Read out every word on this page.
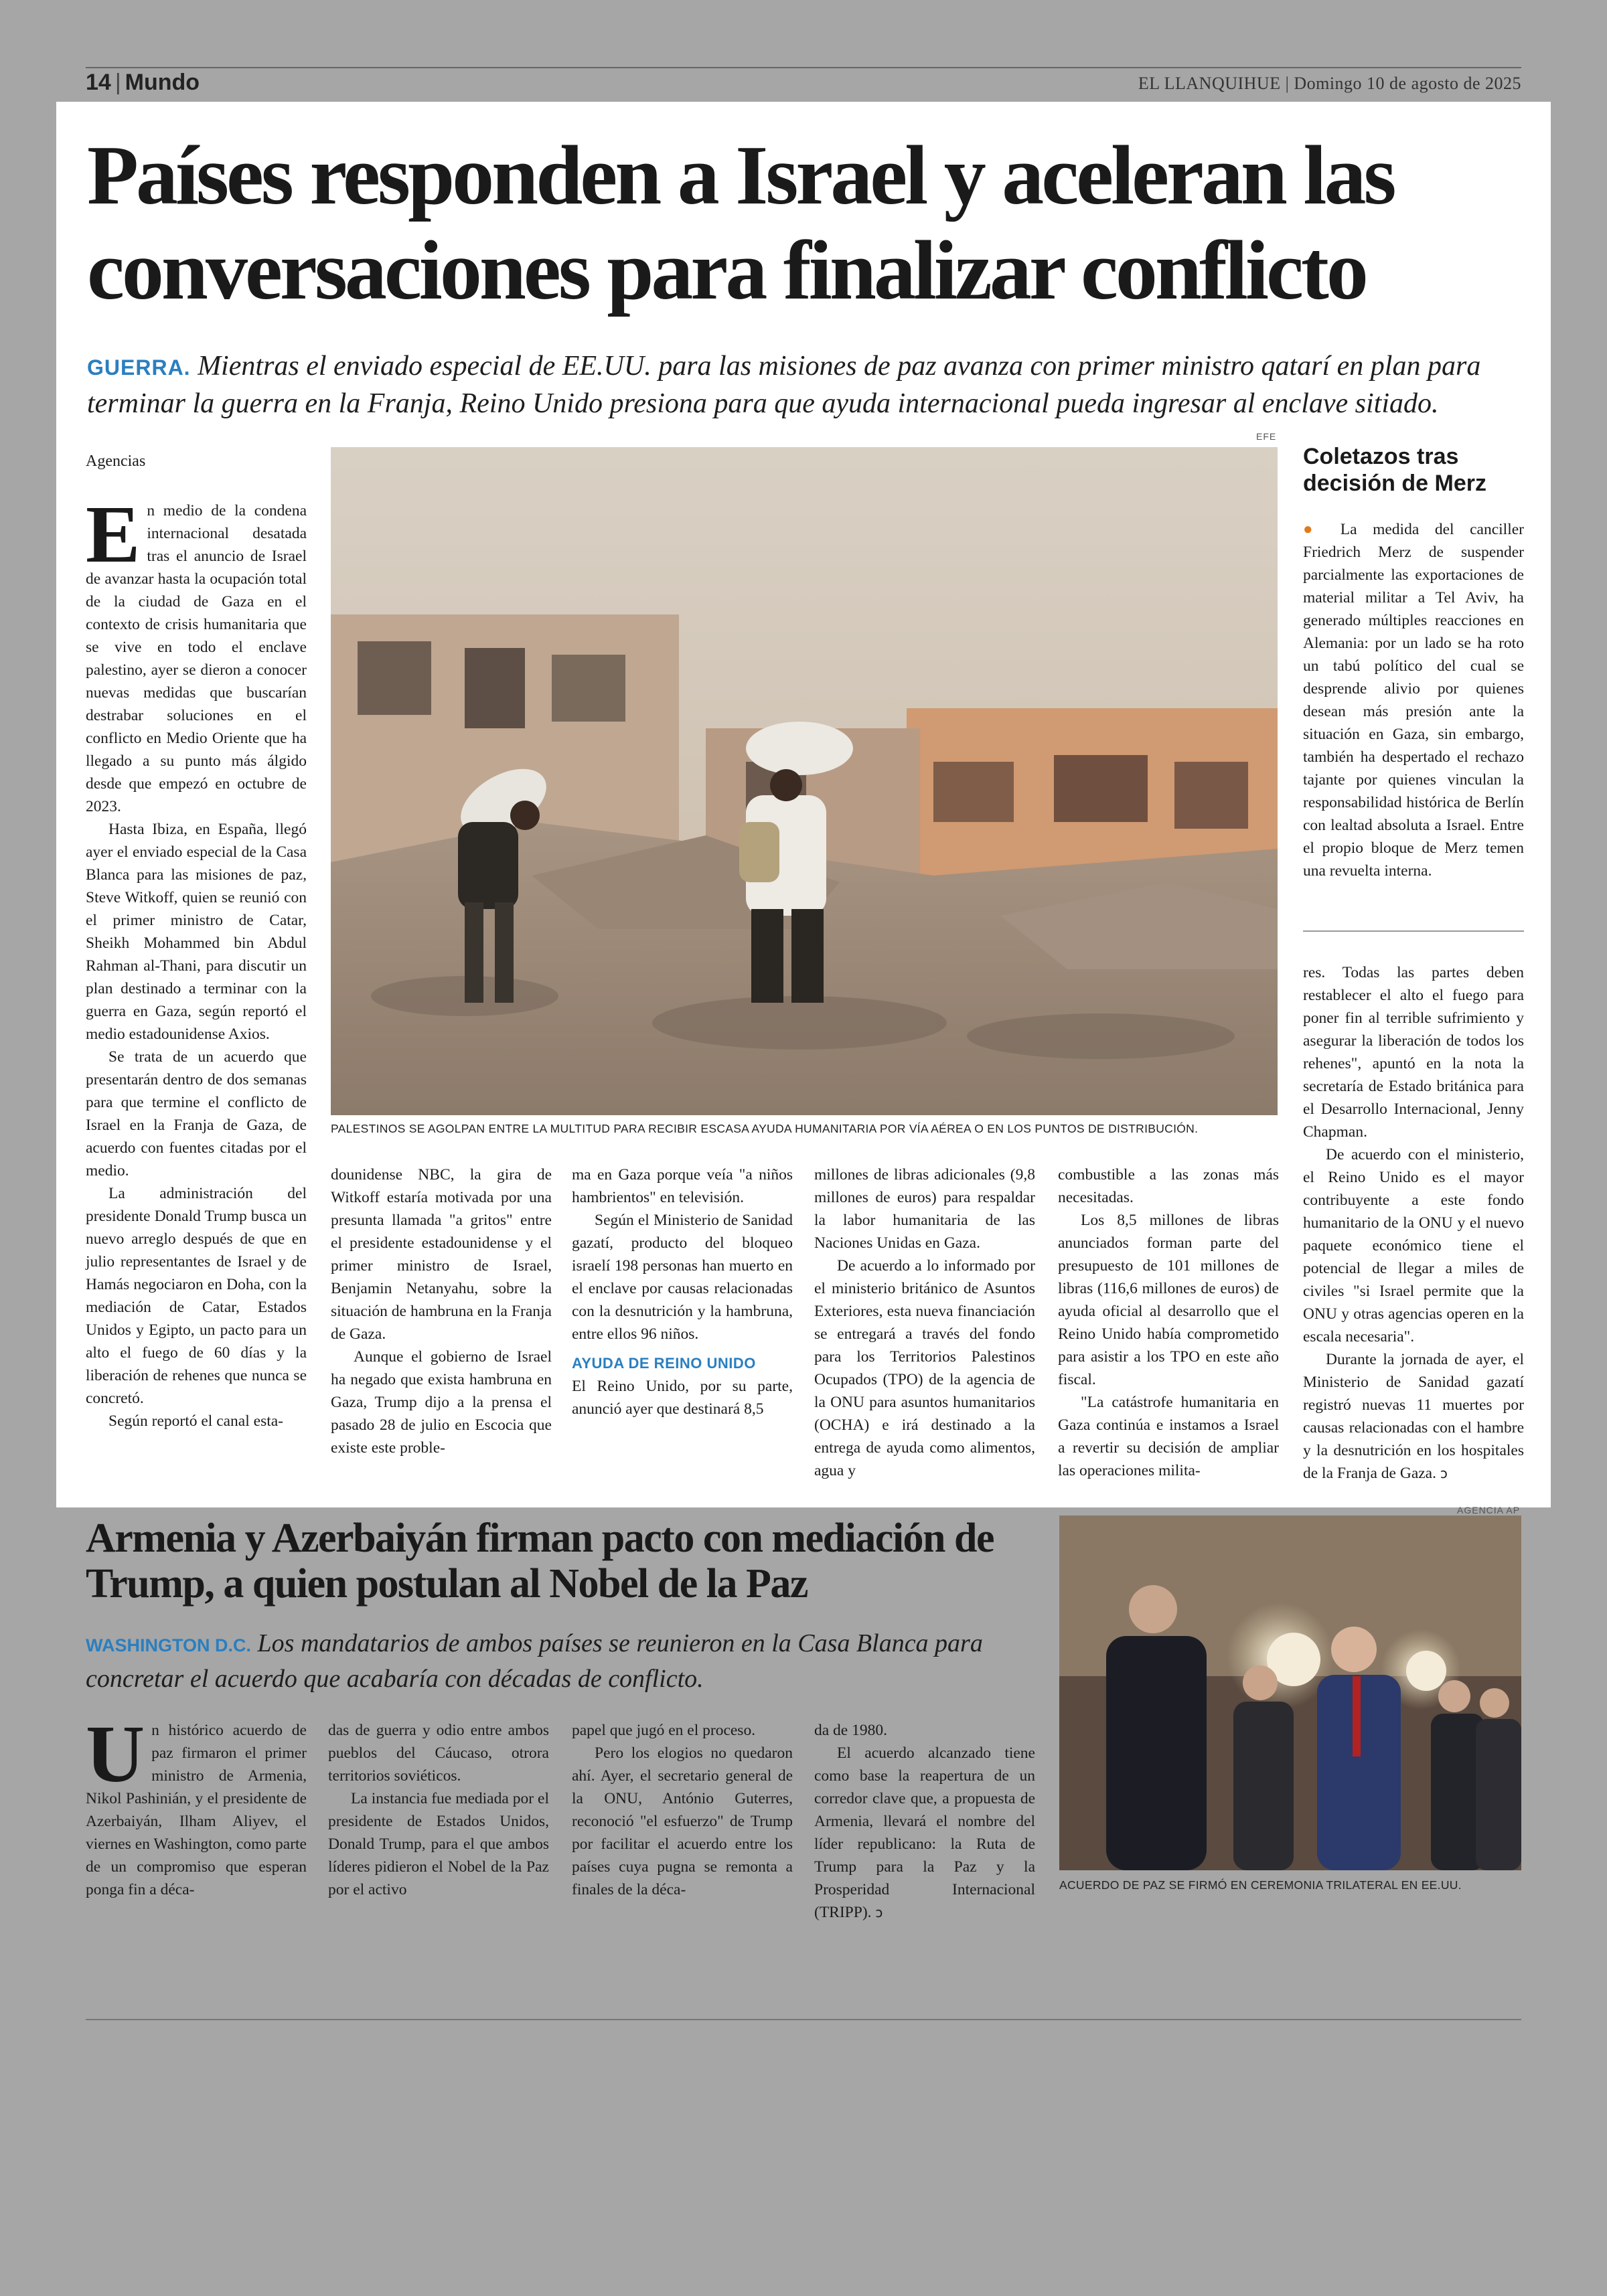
14 | Mundo	EL LLANQUIHUE | Domingo 10 de agosto de 2025
Países responden a Israel y aceleran las
conversaciones para finalizar conflicto
GUERRA. Mientras el enviado especial de EE.UU. para las misiones de paz avanza con primer ministro qatarí en plan para terminar la guerra en la Franja, Reino Unido presiona para que ayuda internacional pueda ingresar al enclave sitiado.
Agencias
E n medio de la condena internacional desatada tras el anuncio de Israel de avanzar hasta la ocupación total de la ciudad de Gaza en el contexto de crisis humanitaria que se vive en todo el enclave palestino, ayer se dieron a conocer nuevas medidas que buscarían destrabar soluciones en el conflicto en Medio Oriente que ha llegado a su punto más álgido desde que empezó en octubre de 2023.

Hasta Ibiza, en España, llegó ayer el enviado especial de la Casa Blanca para las misiones de paz, Steve Witkoff, quien se reunió con el primer ministro de Catar, Sheikh Mohammed bin Abdul Rahman al-Thani, para discutir un plan destinado a terminar con la guerra en Gaza, según reportó el medio estadounidense Axios.

Se trata de un acuerdo que presentarán dentro de dos semanas para que termine el conflicto de Israel en la Franja de Gaza, de acuerdo con fuentes citadas por el medio.

La administración del presidente Donald Trump busca un nuevo arreglo después de que en julio representantes de Israel y de Hamás negociaron en Doha, con la mediación de Catar, Estados Unidos y Egipto, un pacto para un alto el fuego de 60 días y la liberación de rehenes que nunca se concretó.

Según reportó el canal esta-

EFE
PALESTINOS SE AGOLPAN ENTRE LA MULTITUD PARA RECIBIR ESCASA AYUDA HUMANITARIA POR VÍA AÉREA O EN LOS PUNTOS DE DISTRIBUCIÓN.
Coletazos tras decisión de Merz

● La medida del canciller Friedrich Merz de suspender parcialmente las exportaciones de material militar a Tel Aviv, ha generado múltiples reacciones en Alemania: por un lado se ha roto un tabú político del cual se desprende alivio por quienes desean más presión ante la situación en Gaza, sin embargo, también ha despertado el rechazo tajante por quienes vinculan la responsabilidad histórica de Berlín con lealtad absoluta a Israel. Entre el propio bloque de Merz temen una revuelta interna.

dounidense NBC, la gira de Witkoff estaría motivada por una presunta llamada "a gritos" entre el presidente estadounidense y el primer ministro de Israel, Benjamin Netanyahu, sobre la situación de hambruna en la Franja de Gaza.

Aunque el gobierno de Israel ha negado que exista hambruna en Gaza, Trump dijo a la prensa el pasado 28 de julio en Escocia que existe este proble-

ma en Gaza porque veía "a niños hambrientos" en televisión.

Según el Ministerio de Sanidad gazatí, producto del bloqueo israelí 198 personas han muerto en el enclave por causas relacionadas con la desnutrición y la hambruna, entre ellos 96 niños.

AYUDA DE REINO UNIDO

El Reino Unido, por su parte, anunció ayer que destinará 8,5

millones de libras adicionales (9,8 millones de euros) para respaldar la labor humanitaria de las Naciones Unidas en Gaza.

De acuerdo a lo informado por el ministerio británico de Asuntos Exteriores, esta nueva financiación se entregará a través del fondo para los Territorios Palestinos Ocupados (TPO) de la agencia de la ONU para asuntos humanitarios (OCHA) e irá destinado a la entrega de ayuda como alimentos, agua y

combustible a las zonas más necesitadas.

Los 8,5 millones de libras anunciados forman parte del presupuesto de 101 millones de libras (116,6 millones de euros) de ayuda oficial al desarrollo que el Reino Unido había comprometido para asistir a los TPO en este año fiscal.

"La catástrofe humanitaria en Gaza continúa e instamos a Israel a revertir su decisión de ampliar las operaciones milita-

res. Todas las partes deben restablecer el alto el fuego para poner fin al terrible sufrimiento y asegurar la liberación de todos los rehenes", apuntó en la nota la secretaría de Estado británica para el Desarrollo Internacional, Jenny Chapman.

De acuerdo con el ministerio, el Reino Unido es el mayor contribuyente a este fondo humanitario de la ONU y el nuevo paquete económico tiene el potencial de llegar a miles de civiles "si Israel permite que la ONU y otras agencias operen en la escala necesaria".

Durante la jornada de ayer, el Ministerio de Sanidad gazatí registró nuevas 11 muertes por causas relacionadas con el hambre y la desnutrición en los hospitales de la Franja de Gaza. ↄ

Armenia y Azerbaiyán firman pacto con mediación de Trump, a quien postulan al Nobel de la Paz
WASHINGTON D.C. Los mandatarios de ambos países se reunieron en la Casa Blanca para concretar el acuerdo que acabaría con décadas de conflicto.
U n histórico acuerdo de paz firmaron el primer ministro de Armenia, Nikol Pashinián, y el presidente de Azerbaiyán, Ilham Aliyev, el viernes en Washington, como parte de un compromiso que esperan ponga fin a déca-

das de guerra y odio entre ambos pueblos del Cáucaso, otrora territorios soviéticos.

La instancia fue mediada por el presidente de Estados Unidos, Donald Trump, para el que ambos líderes pidieron el Nobel de la Paz por el activo

papel que jugó en el proceso.

Pero los elogios no quedaron ahí. Ayer, el secretario general de la ONU, António Guterres, reconoció "el esfuerzo" de Trump por facilitar el acuerdo entre los países cuya pugna se remonta a finales de la déca-

da de 1980.

El acuerdo alcanzado tiene como base la reapertura de un corredor clave que, a propuesta de Armenia, llevará el nombre del líder republicano: la Ruta de Trump para la Paz y la Prosperidad Internacional (TRIPP). ↄ

AGENCIA AP
ACUERDO DE PAZ SE FIRMÓ EN CEREMONIA TRILATERAL EN EE.UU.
